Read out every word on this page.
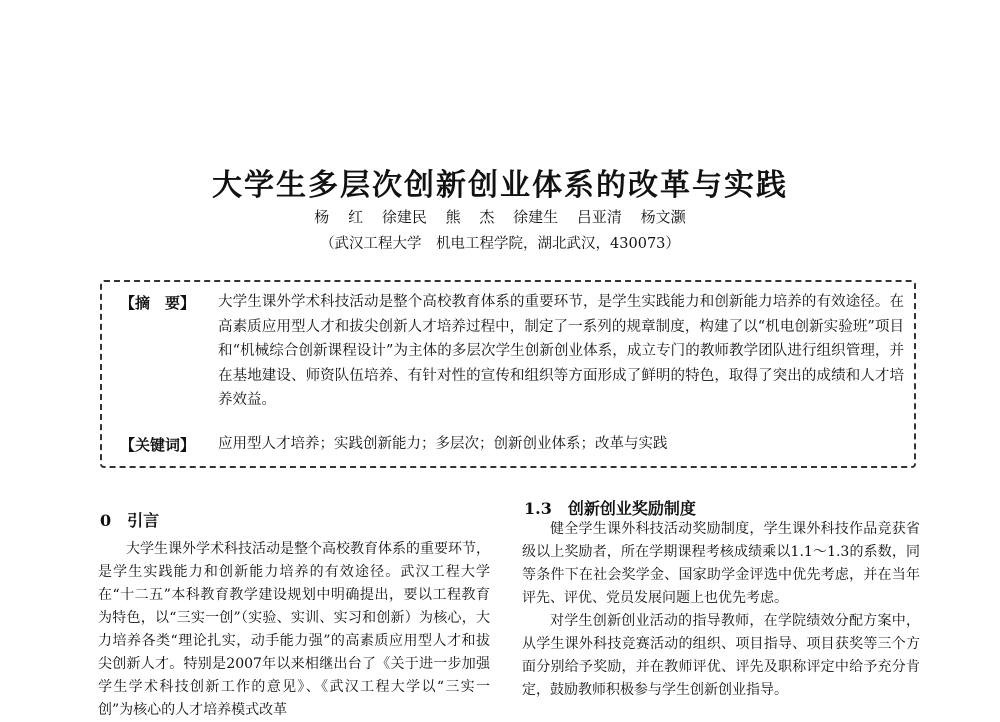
大学生多层次创新创业体系的改革与实践
杨 红 徐建民 熊 杰 徐建生 吕亚清 杨文灏
（武汉工程大学　机电工程学院，湖北武汉，430073）
【摘　要】 大学生课外学术科技活动是整个高校教育体系的重要环节，是学生实践能力和创新能力培养的有效途径。在高素质应用型人才和拔尖创新人才培养过程中，制定了一系列的规章制度，构建了以“机电创新实验班”项目和“机械综合创新课程设计”为主体的多层次学生创新创业体系，成立专门的教师教学团队进行组织管理，并在基地建设、师资队伍培养、有针对性的宣传和组织等方面形成了鲜明的特色，取得了突出的成绩和人才培养效益。
【关键词】 应用型人才培养；实践创新能力；多层次；创新创业体系；改革与实践
0　引言
大学生课外学术科技活动是整个高校教育体系的重要环节，是学生实践能力和创新能力培养的有效途径。武汉工程大学在“十二五”本科教育教学建设规划中明确提出，要以工程教育为特色，以“三实一创”（实验、实训、实习和创新）为核心，大力培养各类“理论扎实，动手能力强”的高素质应用型人才和拔尖创新人才。特别是2007年以来相继出台了《关于进一步加强学生学术科技创新工作的意见》、《武汉工程大学以“三实一创”为核心的人才培养模式改革
1.3　创新创业奖励制度
健全学生课外科技活动奖励制度，学生课外科技作品竞获省级以上奖励者，所在学期课程考核成绩乘以1.1～1.3的系数，同等条件下在社会奖学金、国家助学金评选中优先考虑，并在当年评先、评优、党员发展问题上也优先考虑。
对学生创新创业活动的指导教师，在学院绩效分配方案中，从学生课外科技竞赛活动的组织、项目指导、项目获奖等三个方面分别给予奖励，并在教师评优、评先及职称评定中给予充分肯定，鼓励教师积极参与学生创新创业指导。
